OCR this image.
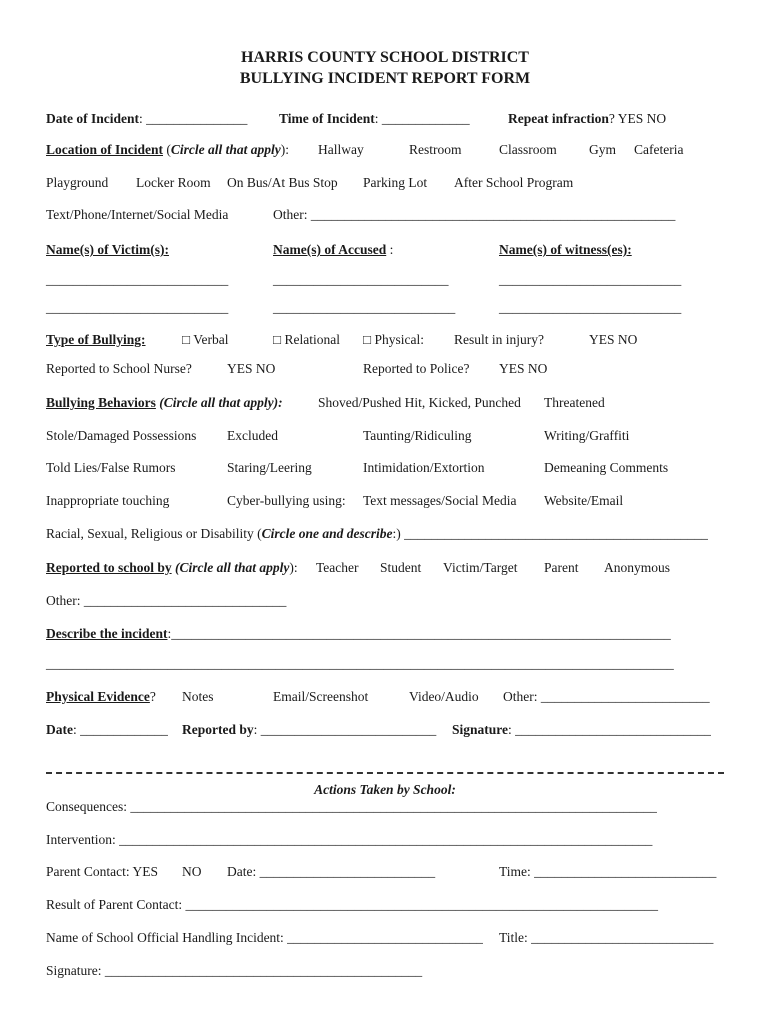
HARRIS COUNTY SCHOOL DISTRICT
BULLYING INCIDENT REPORT FORM
Date of Incident: _______________ Time of Incident: _____________	Repeat infraction? YES NO
Location of Incident (Circle all that apply): Hallway	Restroom	Classroom Gym Cafeteria
Playground Locker Room On Bus/At Bus Stop Parking Lot After School Program
Text/Phone/Internet/Social Media	Other: ______________________________________________________
Name(s) of Victim(s):	Name(s) of Accused :	Name(s) of witness(es):
___________________________	__________________________	___________________________
___________________________	___________________________	___________________________
Type of Bullying:	□ Verbal	□ Relational □ Physical: Result in injury?	YES NO
Reported to School Nurse?	YES NO	Reported to Police? YES NO
Bullying Behaviors (Circle all that apply):	Shoved/Pushed Hit, Kicked, Punched Threatened
Stole/Damaged Possessions Excluded	Taunting/Ridiculing	Writing/Graffiti
Told Lies/False Rumors	Staring/Leering	Intimidation/Extortion	Demeaning Comments
Inappropriate touching	Cyber-bullying using: Text messages/Social Media Website/Email
Racial, Sexual, Religious or Disability (Circle one and describe:) _____________________________________________
Reported to school by (Circle all that apply): Teacher Student Victim/Target Parent Anonymous
Other: ______________________________
Describe the incident:__________________________________________________________________________
_____________________________________________________________________________________________
Physical Evidence? Notes	Email/Screenshot	Video/Audio Other: _________________________
Date: _____________ Reported by: __________________________ Signature: _____________________________
Actions Taken by School:
Consequences: ______________________________________________________________________________
Intervention: _______________________________________________________________________________
Parent Contact: YES NO Date: __________________________	Time: ___________________________
Result of Parent Contact: ______________________________________________________________________
Name of School Official Handling Incident: _____________________________ Title: ___________________________
Signature: _______________________________________________
